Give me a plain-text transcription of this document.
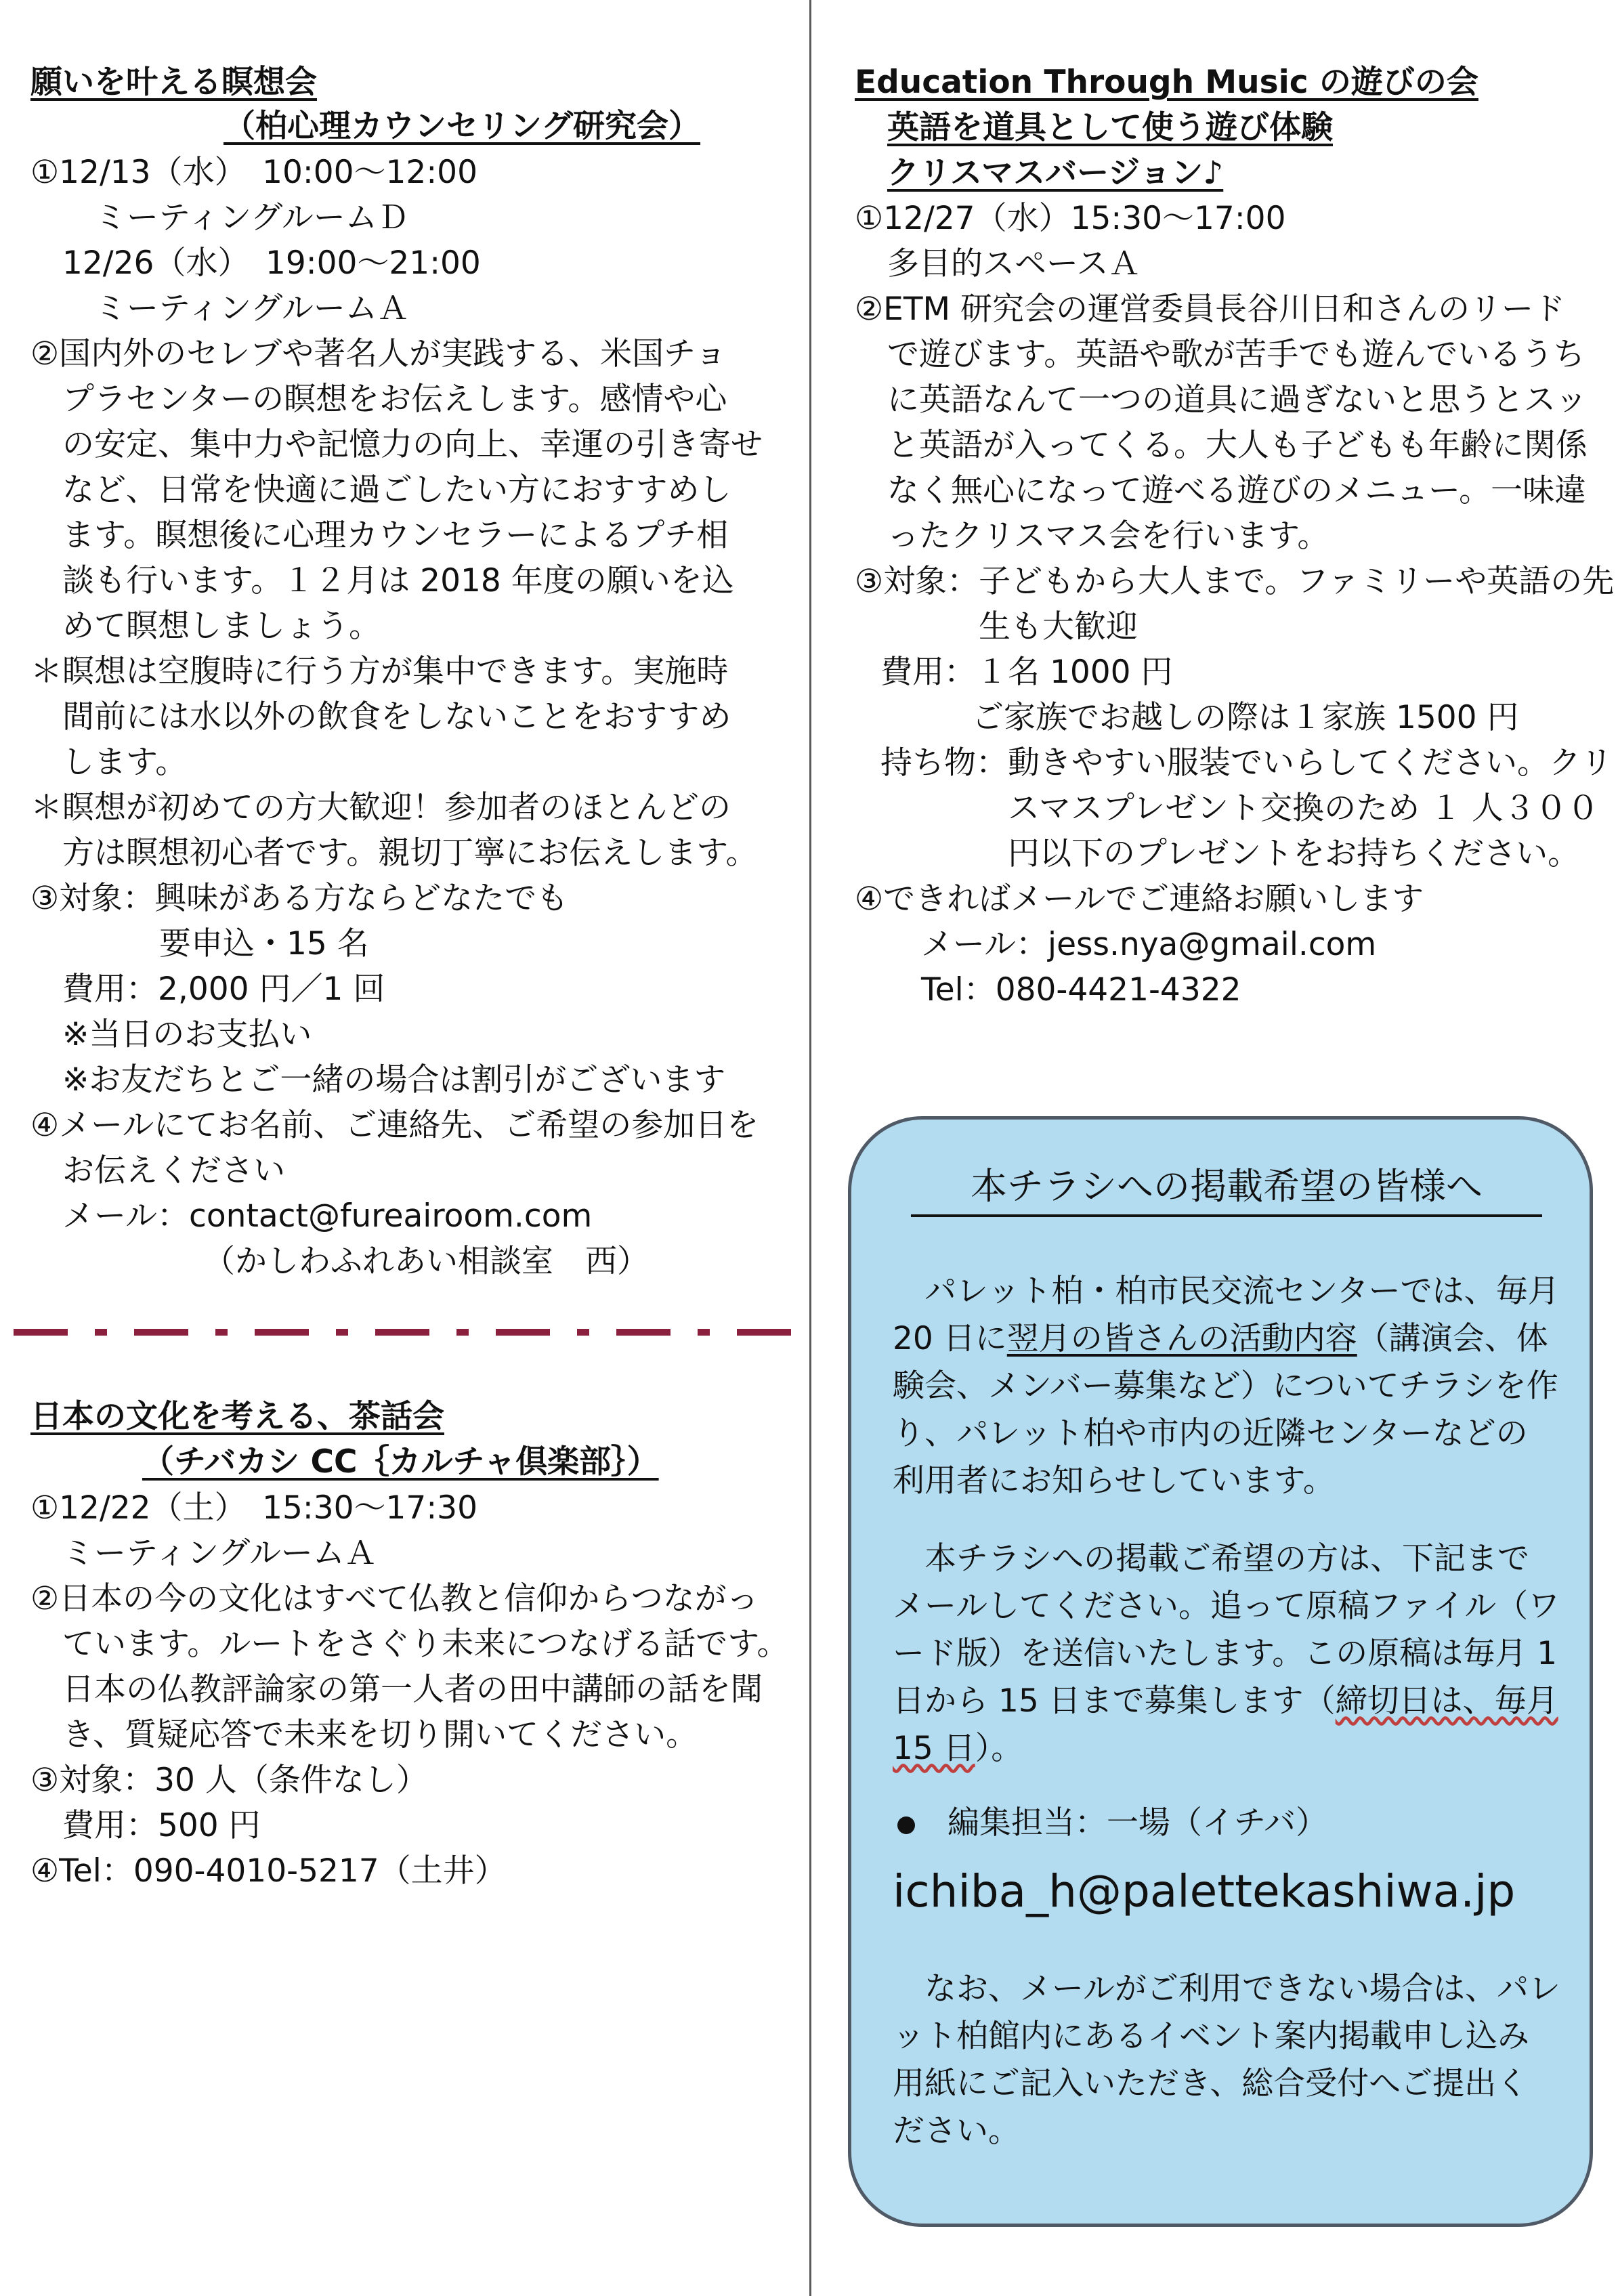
願いを叶える瞑想会
（柏心理カウンセリング研究会）
①12/13（水）　10:00〜12:00
ミーティングルームＤ
12/26（水）　19:00〜21:00
ミーティングルームＡ
②国内外のセレブや著名人が実践する、米国チョ
プラセンターの瞑想をお伝えします。感情や心
の安定、集中力や記憶力の向上、幸運の引き寄せ
など、日常を快適に過ごしたい方におすすめし
ます。瞑想後に心理カウンセラーによるプチ相
談も行います。１２月は 2018 年度の願いを込
めて瞑想しましょう。
＊瞑想は空腹時に行う方が集中できます。実施時
間前には水以外の飲食をしないことをおすすめ
します。
＊瞑想が初めての方大歓迎！参加者のほとんどの
方は瞑想初心者です。親切丁寧にお伝えします。
③対象：興味がある方ならどなたでも
要申込・15 名
費用：2,000 円／1 回
※当日のお支払い
※お友だちとご一緒の場合は割引がございます
④メールにてお名前、ご連絡先、ご希望の参加日を
お伝えください
メール：contact@fureairoom.com
（かしわふれあい相談室　西）
日本の文化を考える、茶話会
（チバカシ CC｛カルチャ倶楽部｝）
①12/22（土）　15:30〜17:30
ミーティングルームＡ
②日本の今の文化はすべて仏教と信仰からつながっ
ています。ルートをさぐり未来につなげる話です。
日本の仏教評論家の第一人者の田中講師の話を聞
き、質疑応答で未来を切り開いてください。
③対象：30 人（条件なし）
費用：500 円
④Tel：090-4010-5217（土井）
Education Through Music の遊びの会
英語を道具として使う遊び体験
クリスマスバージョン♪
①12/27（水）15:30〜17:00
多目的スペースＡ
②ETM 研究会の運営委員長谷川日和さんのリード
で遊びます。英語や歌が苦手でも遊んでいるうち
に英語なんて一つの道具に過ぎないと思うとスッ
と英語が入ってくる。大人も子どもも年齢に関係
なく無心になって遊べる遊びのメニュー。一味違
ったクリスマス会を行います。
③対象：子どもから大人まで。ファミリーや英語の先
生も大歓迎
費用：１名 1000 円
ご家族でお越しの際は１家族 1500 円
持ち物：動きやすい服装でいらしてください。クリ
スマスプレゼント交換のため １ 人３００
円以下のプレゼントをお持ちください。
④できればメールでご連絡お願いします
メール：jess.nya@gmail.com
Tel：080-4421-4322
本チラシへの掲載希望の皆様へ
パレット柏・柏市民交流センターでは、毎月
20 日に翌月の皆さんの活動内容（講演会、体
験会、メンバー募集など）についてチラシを作
り、パレット柏や市内の近隣センターなどの
利用者にお知らせしています。
本チラシへの掲載ご希望の方は、下記まで
メールしてください。追って原稿ファイル（ワ
ード版）を送信いたします。この原稿は毎月 1
日から 15 日まで募集します（締切日は、毎月
15 日）。
編集担当：一場（イチバ）
ichiba_h@palettekashiwa.jp
なお、メールがご利用できない場合は、パレ
ット柏館内にあるイベント案内掲載申し込み
用紙にご記入いただき、総合受付へご提出く
ださい。
